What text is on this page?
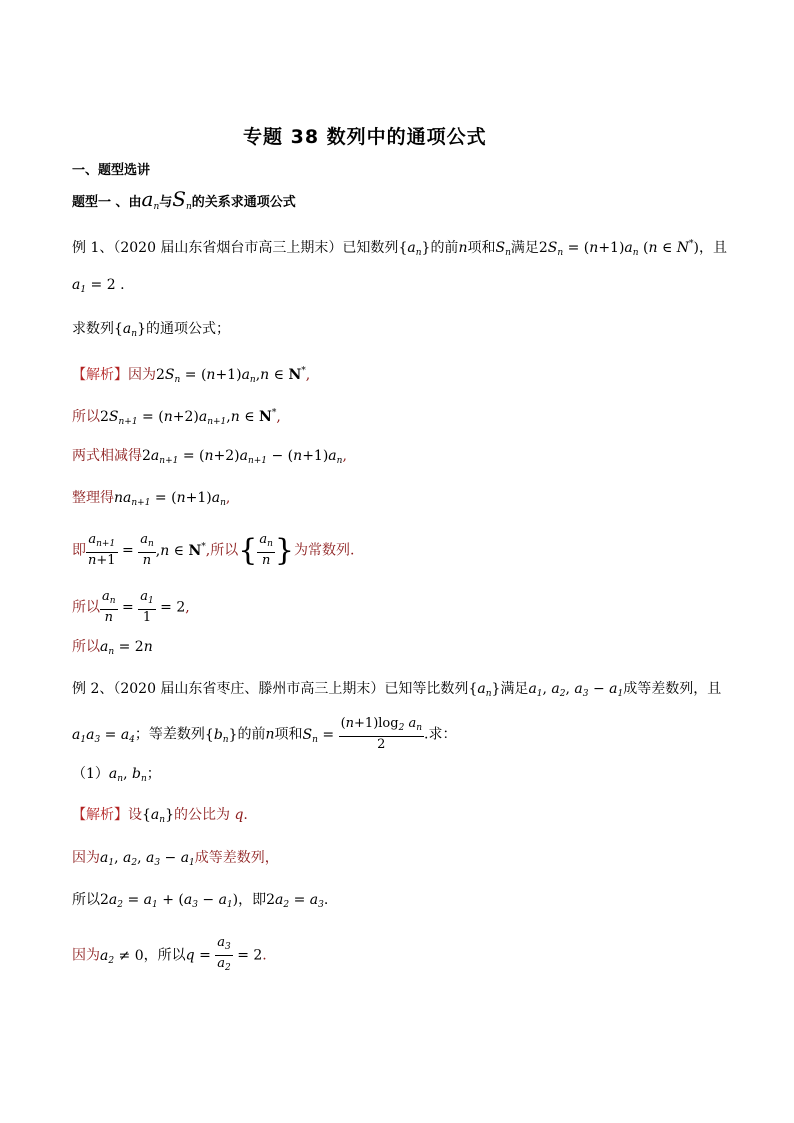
专题 38 数列中的通项公式
一、题型选讲
题型一 、由$a_n$与$S_n$的关系求通项公式
例 1、（2020 届山东省烟台市高三上期末）已知数列$\{a_n\}$的前n项和$S_n$满足$2S_n = (n+1)a_n$ (n ∈ N*)，且
$a_1 = 2$ .
求数列$\{a_n\}$的通项公式；
【解析】因为$2S_n = (n+1)a_n,n$ ∈ N*,
所以$2S_{n+1} = (n+2)a_{n+1},n$ ∈ N*,
两式相减得$2a_{n+1} = (n+2)a_{n+1} - (n+1)a_n$,
整理得$na_{n+1} = (n+1)a_n$,
即 $\frac{a_{n+1}}{n+1} = \frac{a_n}{n} ,n$ ∈ N*,所以{ $\frac{a_n}{n}$ }为常数列.
所以 $\frac{a_n}{n} = \frac{a_1}{1} = 2$,
所以$a_n = 2n$
例 2、（2020 届山东省枣庄、滕州市高三上期末）已知等比数列$\{a_n\}$满足$a_1$, $a_2$, $a_3 - a_1$成等差数列，且
$a_1a_3 = a_4$；等差数列$\{b_n\}$的前n项和$S_n = \frac{(n+1)\log_2 a_n}{2}$ .求：
$(1)a_n$, $b_n$；
【解析】设$\{a_n\}$的公比为 q.
因为$a_1$, $a_2$, $a_3 - a_1$成等差数列，
所以$2a_2 = a_1 + (a_3 - a_1)$，即$2a_2 = a_3$.
因为$a_2 \ne 0$，所以$q = \frac{a_3}{a_2} = 2$.
